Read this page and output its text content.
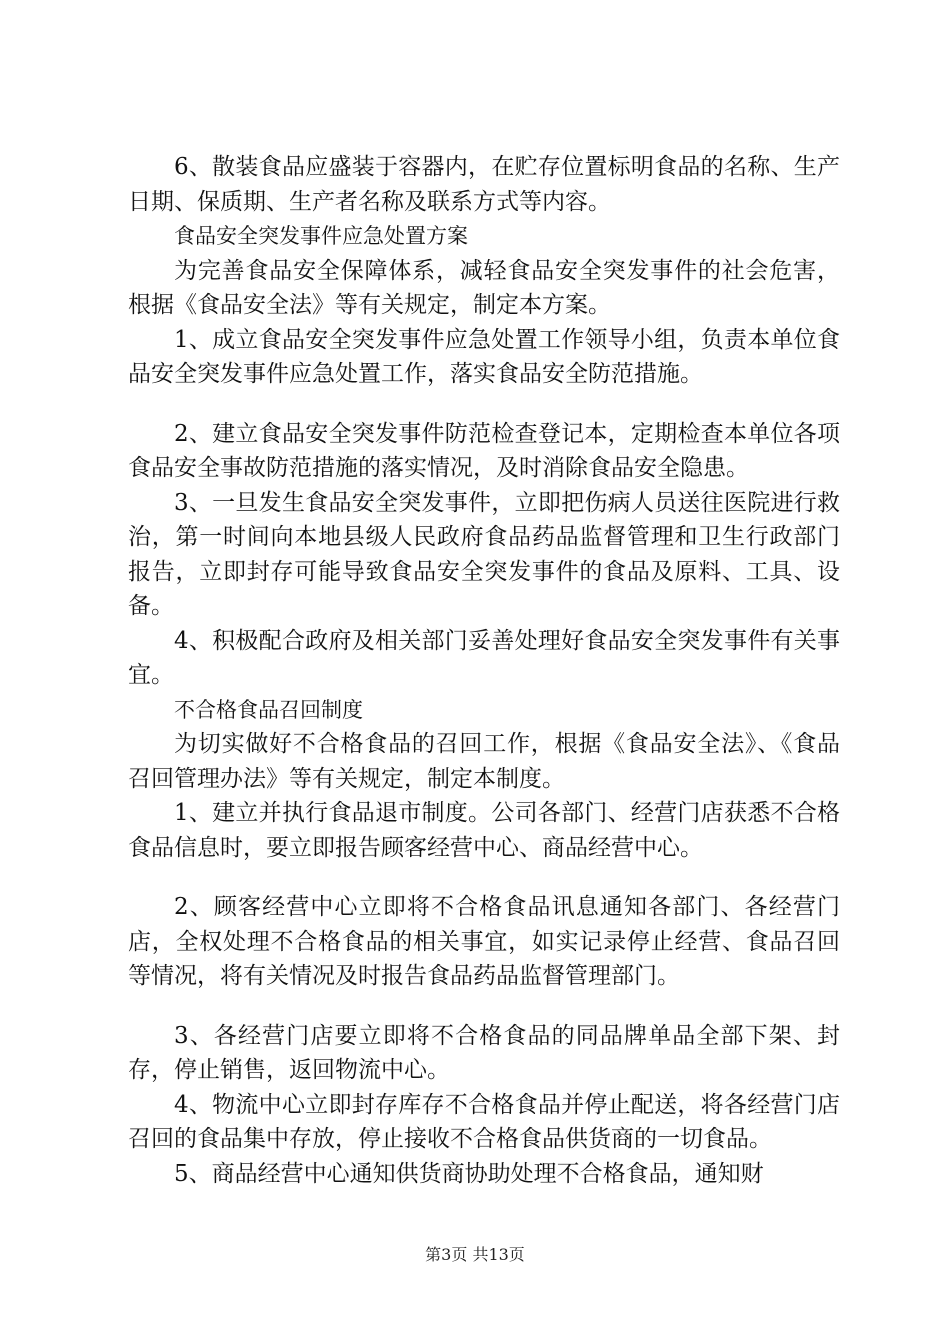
6、散装食品应盛装于容器内，在贮存位置标明食品的名称、生产日期、保质期、生产者名称及联系方式等内容。

食品安全突发事件应急处置方案

为完善食品安全保障体系，减轻食品安全突发事件的社会危害，根据《食品安全法》等有关规定，制定本方案。

1、成立食品安全突发事件应急处置工作领导小组，负责本单位食品安全突发事件应急处置工作，落实食品安全防范措施。

2、建立食品安全突发事件防范检查登记本，定期检查本单位各项食品安全事故防范措施的落实情况，及时消除食品安全隐患。

3、一旦发生食品安全突发事件，立即把伤病人员送往医院进行救治，第一时间向本地县级人民政府食品药品监督管理和卫生行政部门报告，立即封存可能导致食品安全突发事件的食品及原料、工具、设备。

4、积极配合政府及相关部门妥善处理好食品安全突发事件有关事宜。

不合格食品召回制度

为切实做好不合格食品的召回工作，根据《食品安全法》、《食品召回管理办法》等有关规定，制定本制度。

1、建立并执行食品退市制度。公司各部门、经营门店获悉不合格食品信息时，要立即报告顾客经营中心、商品经营中心。

2、顾客经营中心立即将不合格食品讯息通知各部门、各经营门店，全权处理不合格食品的相关事宜，如实记录停止经营、食品召回等情况，将有关情况及时报告食品药品监督管理部门。

3、各经营门店要立即将不合格食品的同品牌单品全部下架、封存，停止销售，返回物流中心。

4、物流中心立即封存库存不合格食品并停止配送，将各经营门店召回的食品集中存放，停止接收不合格食品供货商的一切食品。

5、商品经营中心通知供货商协助处理不合格食品，通知财

第3页 共13页
